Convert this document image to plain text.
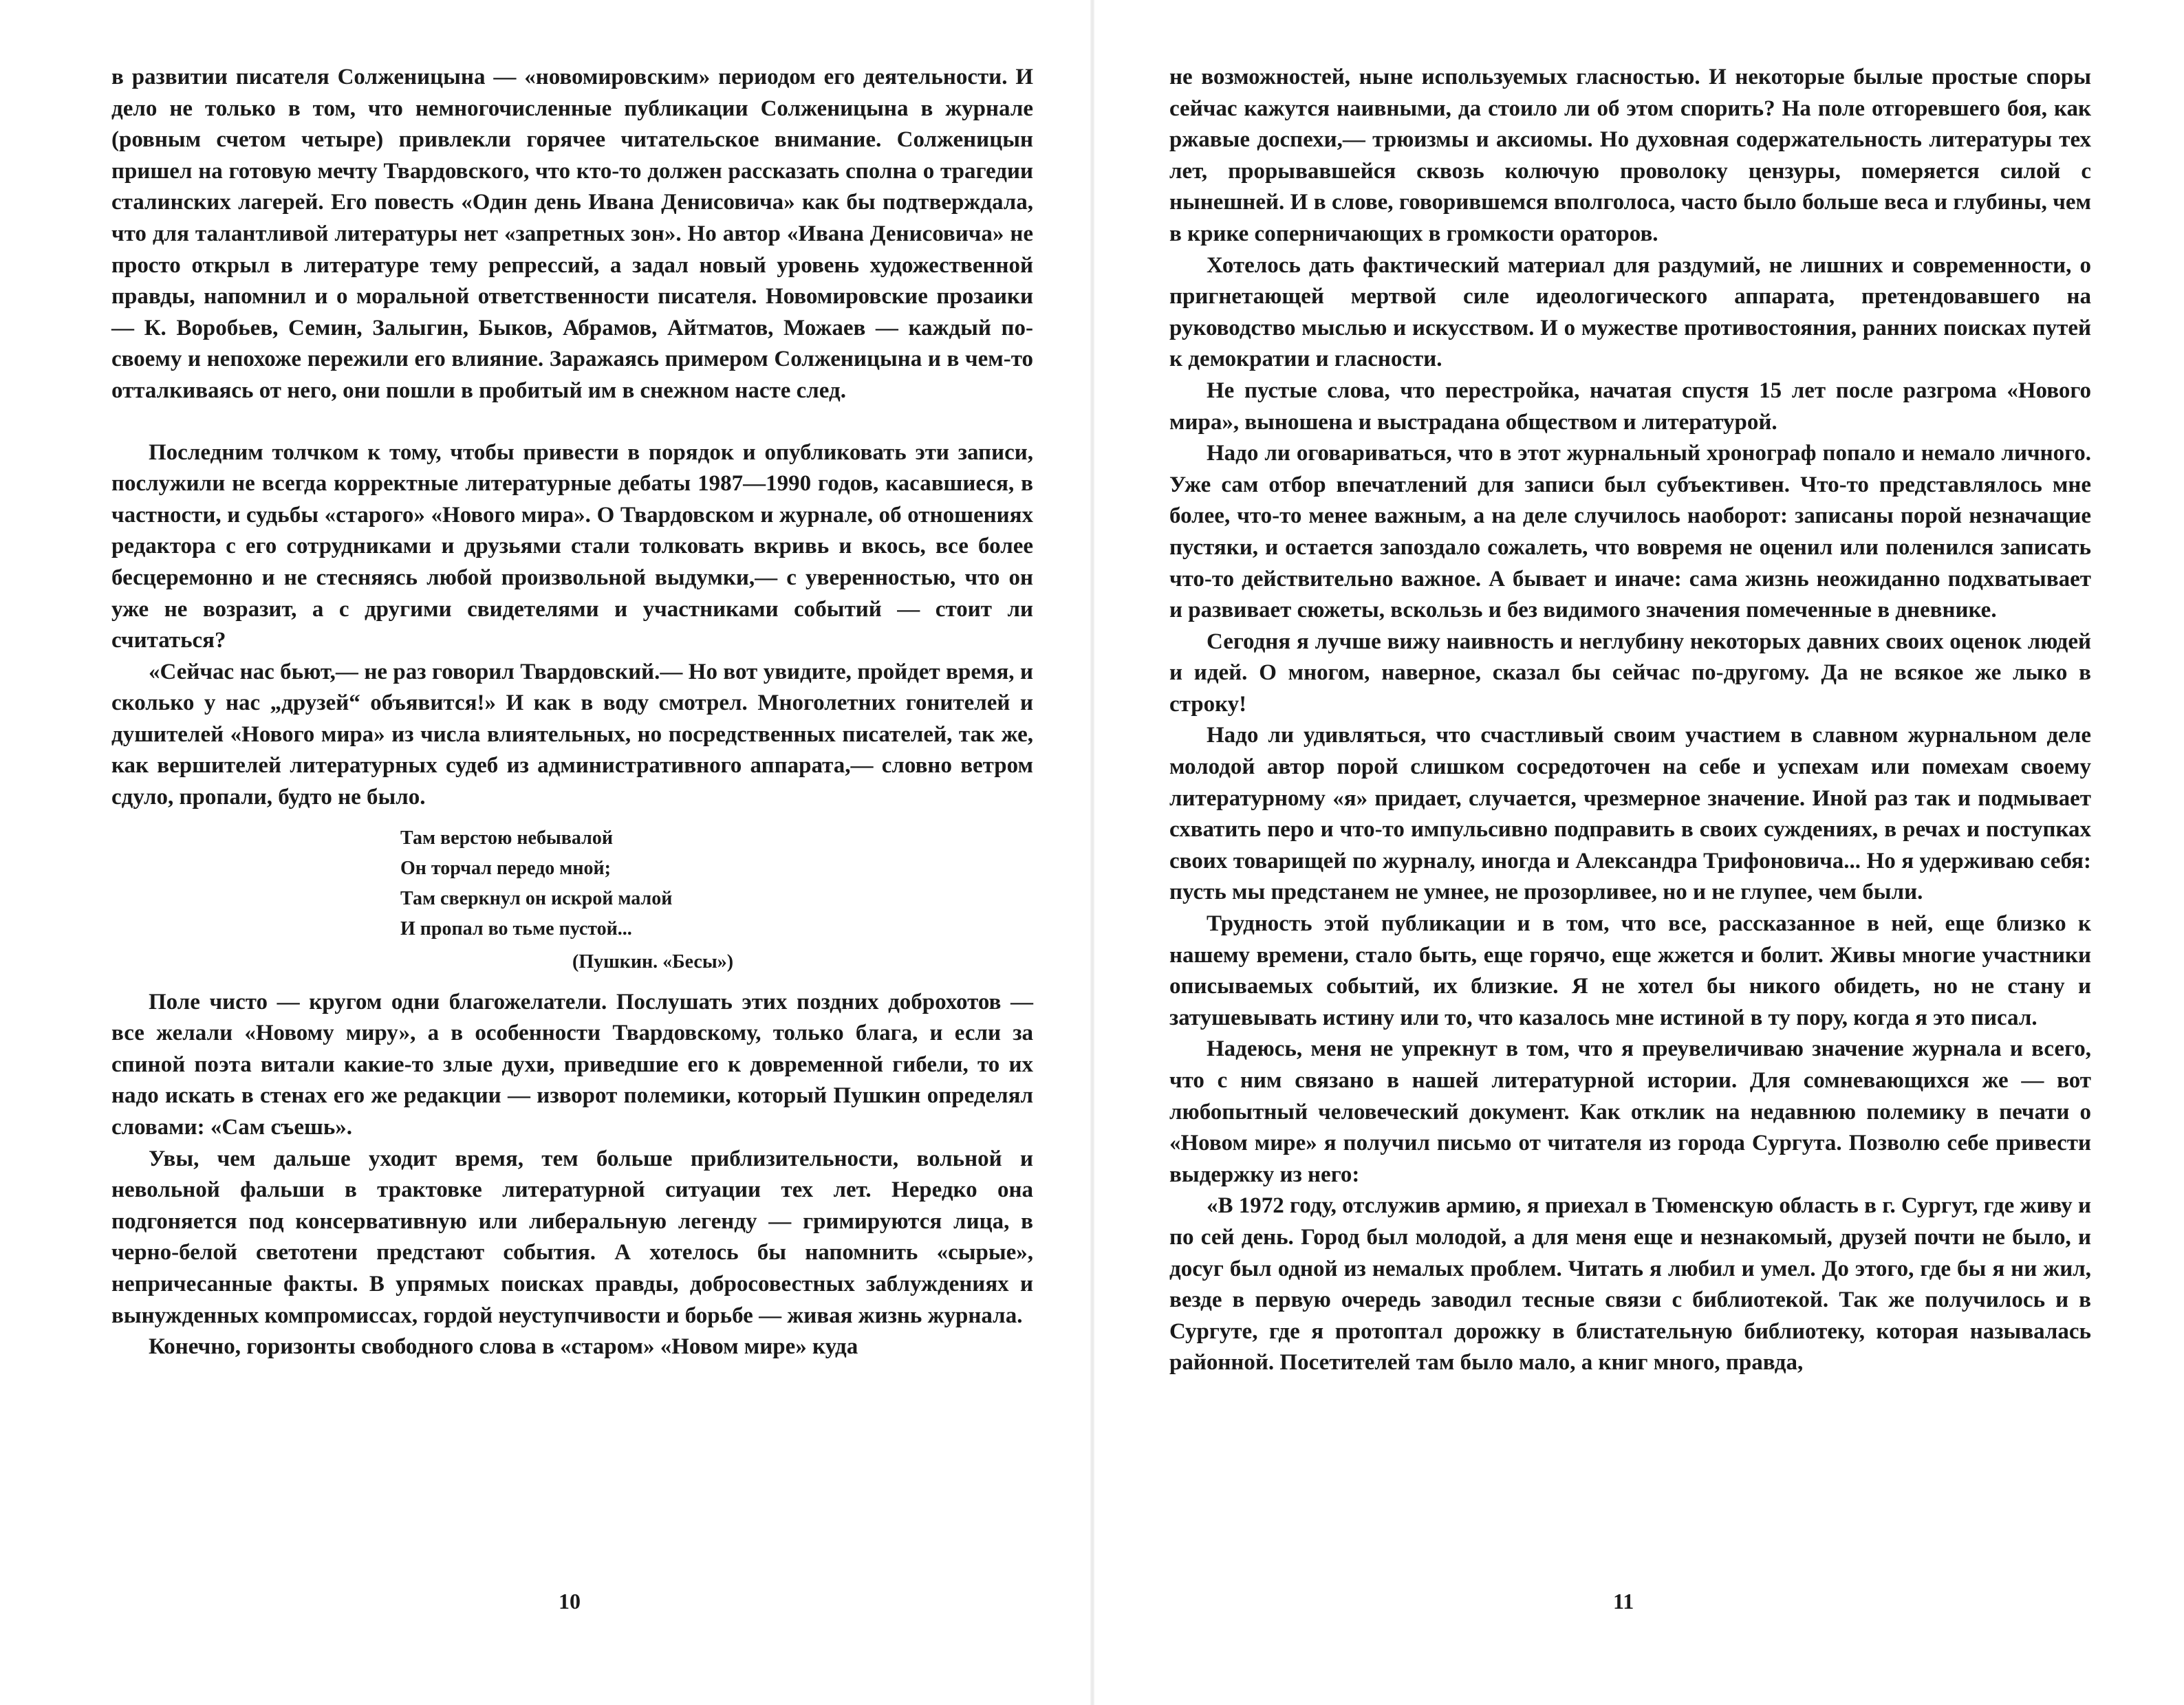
в развитии писателя Солженицына — «новомировским» периодом его деятельности. И дело не только в том, что немногочисленные публикации Солженицына в журнале (ровным счетом четыре) привлекли горячее читательское внимание. Солженицын пришел на готовую мечту Твардовского, что кто-то должен рассказать сполна о трагедии сталинских лагерей. Его повесть «Один день Ивана Денисовича» как бы подтверждала, что для талантливой литературы нет «запретных зон». Но автор «Ивана Денисовича» не просто открыл в литературе тему репрессий, а задал новый уровень художественной правды, напомнил и о моральной ответственности писателя. Новомировские прозаики — К. Воробьев, Семин, Залыгин, Быков, Абрамов, Айтматов, Можаев — каждый по-своему и непохоже пережили его влияние. Заражаясь примером Солженицына и в чем-то отталкиваясь от него, они пошли в пробитый им в снежном насте след.

Последним толчком к тому, чтобы привести в порядок и опубликовать эти записи, послужили не всегда корректные литературные дебаты 1987—1990 годов, касавшиеся, в частности, и судьбы «старого» «Нового мира». О Твардовском и журнале, об отношениях редактора с его сотрудниками и друзьями стали толковать вкривь и вкось, все более бесцеремонно и не стесняясь любой произвольной выдумки,— с уверенностью, что он уже не возразит, а с другими свидетелями и участниками событий — стоит ли считаться?

«Сейчас нас бьют,— не раз говорил Твардовский.— Но вот увидите, пройдет время, и сколько у нас „друзей“ объявится!» И как в воду смотрел. Многолетних гонителей и душителей «Нового мира» из числа влиятельных, но посредственных писателей, так же, как вершителей литературных судеб из административного аппарата,— словно ветром сдуло, пропали, будто не было.

Там верстою небывалой
Он торчал передо мной;
Там сверкнул он искрой малой
И пропал во тьме пустой...
(Пушкин. «Бесы»)

Поле чисто — кругом одни благожелатели. Послушать этих поздних доброхотов — все желали «Новому миру», а в особенности Твардовскому, только блага, и если за спиной поэта витали какие-то злые духи, приведшие его к довременной гибели, то их надо искать в стенах его же редакции — изворот полемики, который Пушкин определял словами: «Сам съешь».

Увы, чем дальше уходит время, тем больше приблизительности, вольной и невольной фальши в трактовке литературной ситуации тех лет. Нередко она подгоняется под консервативную или либеральную легенду — гримируются лица, в черно-белой светотени предстают события. А хотелось бы напомнить «сырые», непричесанные факты. В упрямых поисках правды, добросовестных заблуждениях и вынужденных компромиссах, гордой неуступчивости и борьбе — живая жизнь журнала.

Конечно, горизонты свободного слова в «старом» «Новом мире» куда

10

не возможностей, ныне используемых гласностью. И некоторые былые простые споры сейчас кажутся наивными, да стоило ли об этом спорить? На поле отгоревшего боя, как ржавые доспехи,— трюизмы и аксиомы. Но духовная содержательность литературы тех лет, прорывавшейся сквозь колючую проволоку цензуры, померяется силой с нынешней. И в слове, говорившемся вполголоса, часто было больше веса и глубины, чем в крике соперничающих в громкости ораторов.

Хотелось дать фактический материал для раздумий, не лишних и современности, о пригнетающей мертвой силе идеологического аппарата, претендовавшего на руководство мыслью и искусством. И о мужестве противостояния, ранних поисках путей к демократии и гласности.

Не пустые слова, что перестройка, начатая спустя 15 лет после разгрома «Нового мира», выношена и выстрадана обществом и литературой.

Надо ли оговариваться, что в этот журнальный хронограф попало и немало личного. Уже сам отбор впечатлений для записи был субъективен. Что-то представлялось мне более, что-то менее важным, а на деле случилось наоборот: записаны порой незначащие пустяки, и остается запоздало сожалеть, что вовремя не оценил или поленился записать что-то действительно важное. А бывает и иначе: сама жизнь неожиданно подхватывает и развивает сюжеты, вскользь и без видимого значения помеченные в дневнике.

Сегодня я лучше вижу наивность и неглубину некоторых давних своих оценок людей и идей. О многом, наверное, сказал бы сейчас по-другому. Да не всякое же лыко в строку!

Надо ли удивляться, что счастливый своим участием в славном журнальном деле молодой автор порой слишком сосредоточен на себе и успехам или помехам своему литературному «я» придает, случается, чрезмерное значение. Иной раз так и подмывает схватить перо и что-то импульсивно подправить в своих суждениях, в речах и поступках своих товарищей по журналу, иногда и Александра Трифоновича... Но я удерживаю себя: пусть мы предстанем не умнее, не прозорливее, но и не глупее, чем были.

Трудность этой публикации и в том, что все, рассказанное в ней, еще близко к нашему времени, стало быть, еще горячо, еще жжется и болит. Живы многие участники описываемых событий, их близкие. Я не хотел бы никого обидеть, но не стану и затушевывать истину или то, что казалось мне истиной в ту пору, когда я это писал.

Надеюсь, меня не упрекнут в том, что я преувеличиваю значение журнала и всего, что с ним связано в нашей литературной истории. Для сомневающихся же — вот любопытный человеческий документ. Как отклик на недавнюю полемику в печати о «Новом мире» я получил письмо от читателя из города Сургута. Позволю себе привести выдержку из него:

«В 1972 году, отслужив армию, я приехал в Тюменскую область в г. Сургут, где живу и по сей день. Город был молодой, а для меня еще и незнакомый, друзей почти не было, и досуг был одной из немалых проблем. Читать я любил и умел. До этого, где бы я ни жил, везде в первую очередь заводил тесные связи с библиотекой. Так же получилось и в Сургуте, где я протоптал дорожку в блистательную библиотеку, которая называлась районной. Посетителей там было мало, а книг много, правда,

11
